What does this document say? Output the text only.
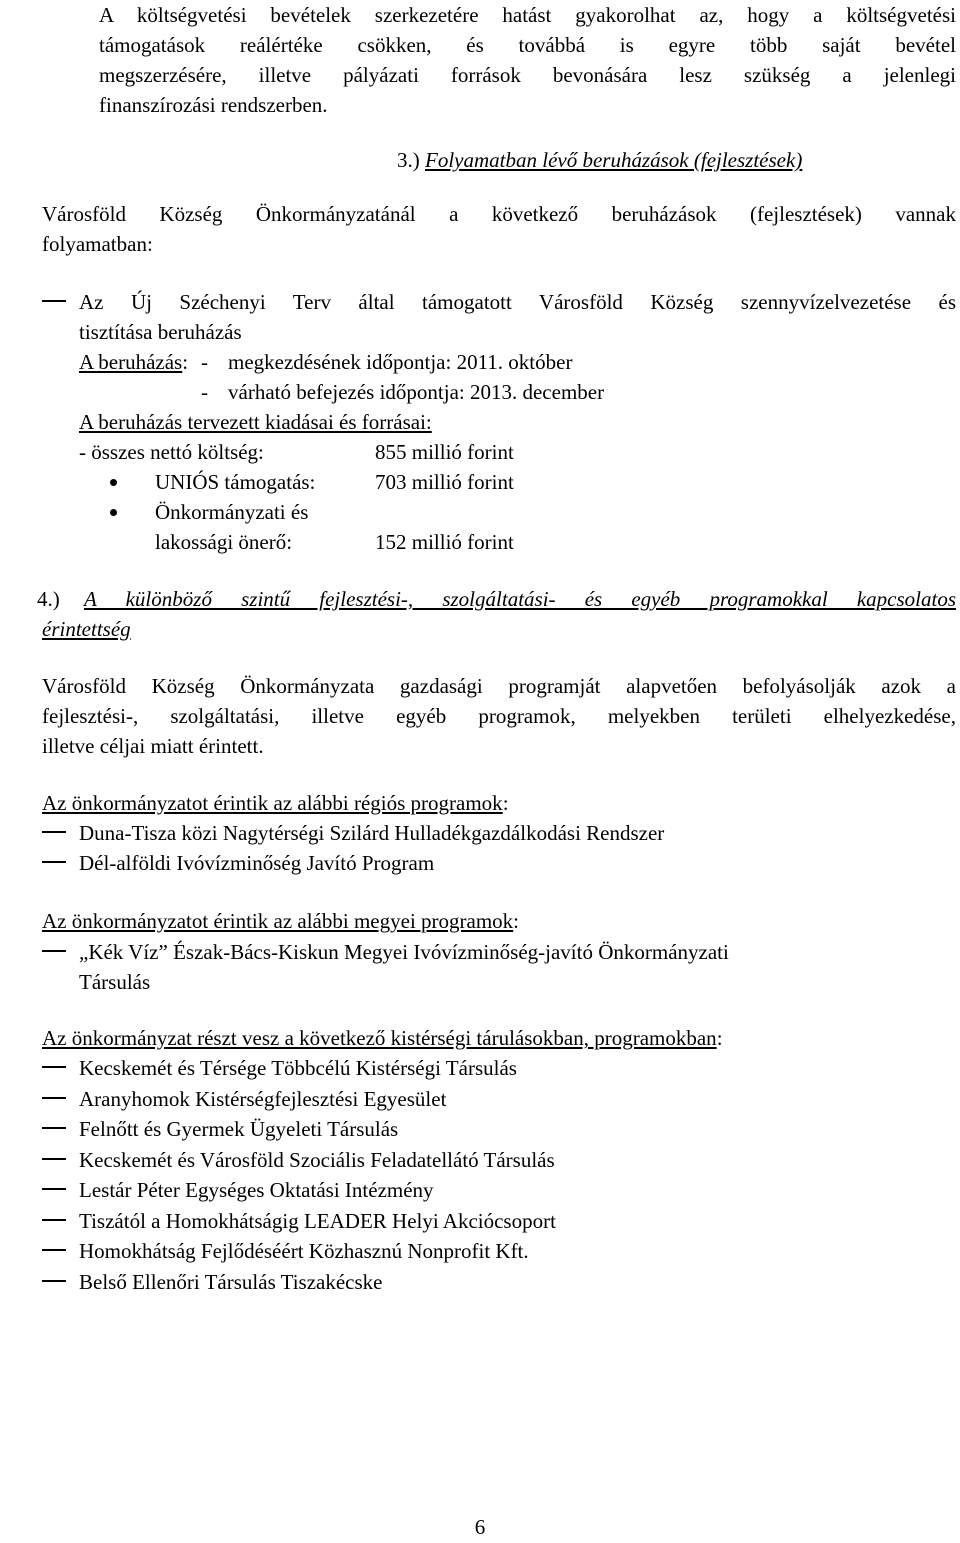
A költségvetési bevételek szerkezetére hatást gyakorolhat az, hogy a költségvetési
támogatások reálértéke csökken, és továbbá is egyre több saját bevétel
megszerzésére, illetve pályázati források bevonására lesz szükség a jelenlegi
finanszírozási rendszerben.
3.) Folyamatban lévő beruházások (fejlesztések)
Városföld Község Önkormányzatánál a következő beruházások (fejlesztések) vannak
folyamatban:
Az Új Széchenyi Terv által támogatott Városföld Község szennyvízelvezetése és
tisztítása beruházás
A beruházás: - megkezdésének időpontja: 2011. október
- várható befejezés időpontja: 2013. december
A beruházás tervezett kiadásai és forrásai:
- összes nettó költség:	855 millió forint
UNIÓS támogatás:	703 millió forint
Önkormányzati és
lakossági önerő:	152 millió forint
4.) A különböző szintű fejlesztési-, szolgáltatási- és egyéb programokkal kapcsolatos
érintettség
Városföld Község Önkormányzata gazdasági programját alapvetően befolyásolják azok a
fejlesztési-, szolgáltatási, illetve egyéb programok, melyekben területi elhelyezkedése,
illetve céljai miatt érintett.
Az önkormányzatot érintik az alábbi régiós programok:
Duna-Tisza közi Nagytérségi Szilárd Hulladékgazdálkodási Rendszer
Dél-alföldi Ivóvízminőség Javító Program
Az önkormányzatot érintik az alábbi megyei programok:
„Kék Víz” Észak-Bács-Kiskun Megyei Ivóvízminőség-javító Önkormányzati
Társulás
Az önkormányzat részt vesz a következő kistérségi tárulásokban, programokban:
Kecskemét és Térsége Többcélú Kistérségi Társulás
Aranyhomok Kistérségfejlesztési Egyesület
Felnőtt és Gyermek Ügyeleti Társulás
Kecskemét és Városföld Szociális Feladatellátó Társulás
Lestár Péter Egységes Oktatási Intézmény
Tiszától a Homokhátságig LEADER Helyi Akciócsoport
Homokhátság Fejlődéséért Közhasznú Nonprofit Kft.
Belső Ellenőri Társulás Tiszakécske
6
